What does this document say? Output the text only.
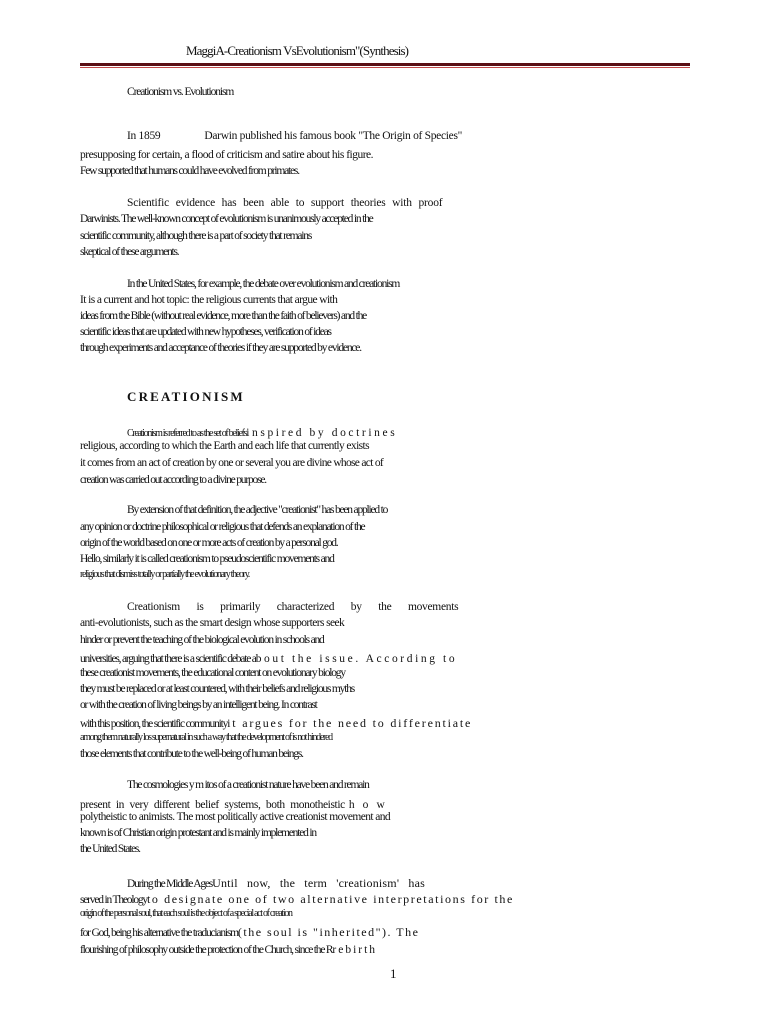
MaggiA-Creationism VsEvolutionism"(Synthesis)
Creationism vs. Evolutionism
In 1859	Darwin published his famous book "The Origin of Species"
presupposing for certain, a flood of criticism and satire about his figure.
Few supported that humans could have evolved from primates.
Scientific evidence has been able to support theories with proof
Darwinists. The well-known concept of evolutionism is unanimously accepted in the
scientific community, although there is a part of society that remains
skeptical of these arguments.
In the United States, for example, the debate over evolutionism and creationism
It is a current and hot topic: the religious currents that argue with
ideas from the Bible (without real evidence, more than the faith of believers) and the
scientific ideas that are updated with new hypotheses, verification of ideas
through experiments and acceptance of theories if they are supported by evidence.
CREATIONISM
Creationism is referred to as the set of beliefsinspired by doctrines
religious, according to which the Earth and each life that currently exists
it comes from an act of creation by one or several you are divine whose act of
creation was carried out according to a divine purpose.
By extension of that definition, the adjective "creationist" has been applied to
any opinion or doctrine philosophical or religious that defends an explanation of the
origin of the world based on one or more acts of creation by a personal god.
Hello, similarly it is called creationism to pseudoscientific movements and
religious that dismiss totally or partially the evolutionary theory.
Creationism is primarily characterized by the movements
anti-evolutionists, such as the smart design whose supporters seek
hinder or prevent the teaching of the biological evolution in schools and
universities, arguing that there is a scientific debate about the issue. According to
these creationist movements, the educational content on evolutionary biology
they must be replaced or at least countered, with their beliefs and religious myths
or with the creation of living beings by an intelligent being. In contrast
with this position, the scientific communityit argues for the need to differentiate
among them naturally los supernatural in such a way that the development of is not hindered
those elements that contribute to the well-being of human beings.
The cosmologies y m itos of a creationist nature have been and remain
present in very different belief systems, both monotheistic h o w
polytheistic to animists. The most politically active creationist movement and
known is of Christian origin protestant and is mainly implemented in
the United States.
During the Middle AgesUntil now, the term 'creationism' has
served in Theologyto designate one of two alternative interpretations for the
origin of the personal soul, that each soul is the object of a special act of creation
for God, being his alternative the traducianism(the soul is "inherited"). The
flourishing of philosophy outside the protection of the Church, since the Rrebirth
1
